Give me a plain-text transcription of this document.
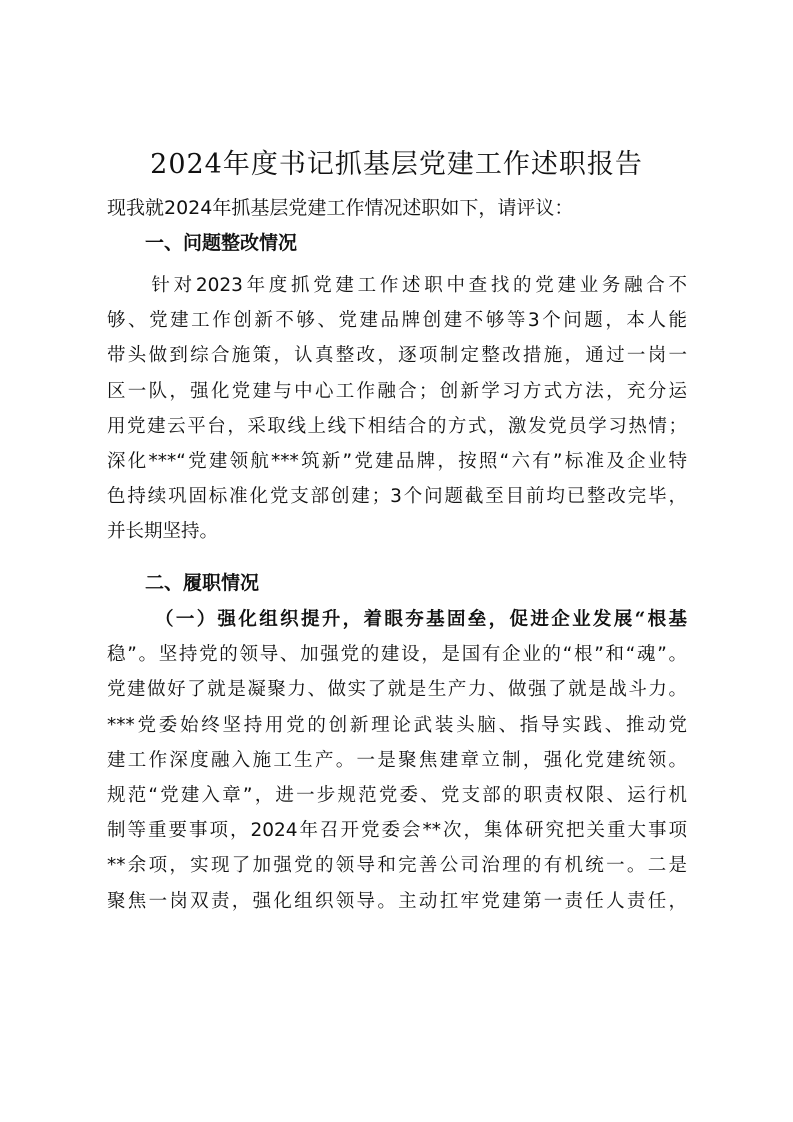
2024年度书记抓基层党建工作述职报告
现我就2024年抓基层党建工作情况述职如下，请评议：
一、问题整改情况
　　针对2023年度抓党建工作述职中查找的党建业务融合不
够、党建工作创新不够、党建品牌创建不够等3个问题，本人能
带头做到综合施策，认真整改，逐项制定整改措施，通过一岗一
区一队，强化党建与中心工作融合；创新学习方式方法，充分运
用党建云平台，采取线上线下相结合的方式，激发党员学习热情；
深化***“党建领航***筑新”党建品牌，按照“六有”标准及企业特
色持续巩固标准化党支部创建；3个问题截至目前均已整改完毕，
并长期坚持。
二、履职情况
（一）强化组织提升，着眼夯基固垒，促进企业发展“根基
稳”。坚持党的领导、加强党的建设，是国有企业的“根”和“魂”。
党建做好了就是凝聚力、做实了就是生产力、做强了就是战斗力。
***党委始终坚持用党的创新理论武装头脑、指导实践、推动党
建工作深度融入施工生产。一是聚焦建章立制，强化党建统领。
规范“党建入章”，进一步规范党委、党支部的职责权限、运行机
制等重要事项，2024年召开党委会**次，集体研究把关重大事项
**余项，实现了加强党的领导和完善公司治理的有机统一。二是
聚焦一岗双责，强化组织领导。主动扛牢党建第一责任人责任，
